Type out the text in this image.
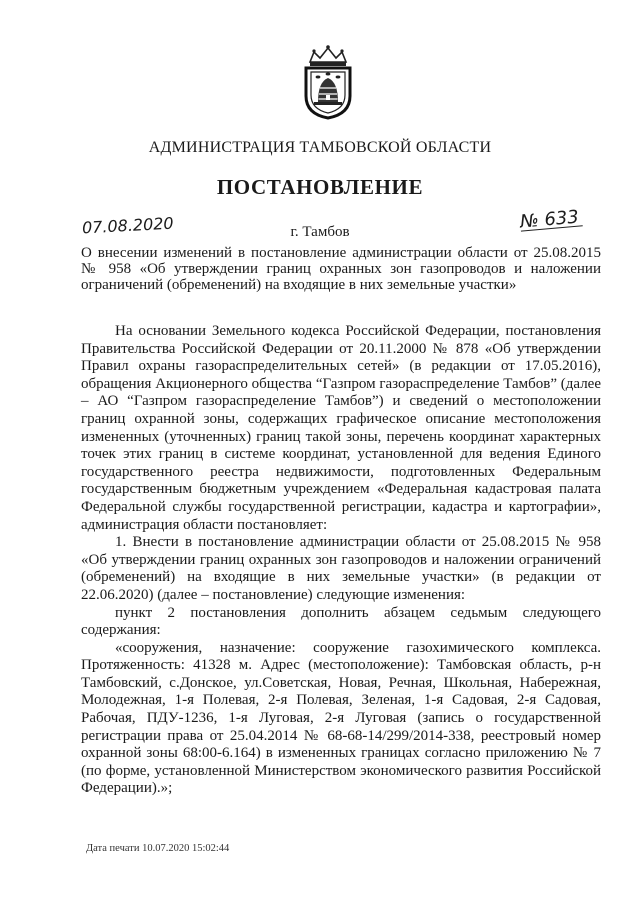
АДМИНИСТРАЦИЯ ТАМБОВСКОЙ ОБЛАСТИ
ПОСТАНОВЛЕНИЕ
07.08.2020	г. Тамбов	№ 633
О внесении изменений в постановление администрации области от 25.08.2015 № 958 «Об утверждении границ охранных зон газопроводов и наложении ограничений (обременений) на входящие в них земельные участки»

На основании Земельного кодекса Российской Федерации, постановления Правительства Российской Федерации от 20.11.2000 № 878 «Об утверждении Правил охраны газораспределительных сетей» (в редакции от 17.05.2016), обращения Акционерного общества “Газпром газораспределение Тамбов” (далее – АО “Газпром газораспределение Тамбов”) и сведений о местоположении границ охранной зоны, содержащих графическое описание местоположения измененных (уточненных) границ такой зоны, перечень координат характерных точек этих границ в системе координат, установленной для ведения Единого государственного реестра недвижимости, подготовленных Федеральным государственным бюджетным учреждением «Федеральная кадастровая палата Федеральной службы государственной регистрации, кадастра и картографии», администрация области постановляет:

1. Внести в постановление администрации области от 25.08.2015 № 958 «Об утверждении границ охранных зон газопроводов и наложении ограничений (обременений) на входящие в них земельные участки» (в редакции от 22.06.2020) (далее – постановление) следующие изменения:

пункт 2 постановления дополнить абзацем седьмым следующего содержания:

«сооружения, назначение: сооружение газохимического комплекса. Протяженность: 41328 м. Адрес (местоположение): Тамбовская область, р-н Тамбовский, с.Донское, ул.Советская, Новая, Речная, Школьная, Набережная, Молодежная, 1-я Полевая, 2-я Полевая, Зеленая, 1-я Садовая, 2-я Садовая, Рабочая, ПДУ-1236, 1-я Луговая, 2-я Луговая (запись о государственной регистрации права от 25.04.2014 № 68-68-14/299/2014-338, реестровый номер охранной зоны 68:00-6.164) в измененных границах согласно приложению № 7 (по форме, установленной Министерством экономического развития Российской Федерации).»;

Дата печати 10.07.2020 15:02:44
